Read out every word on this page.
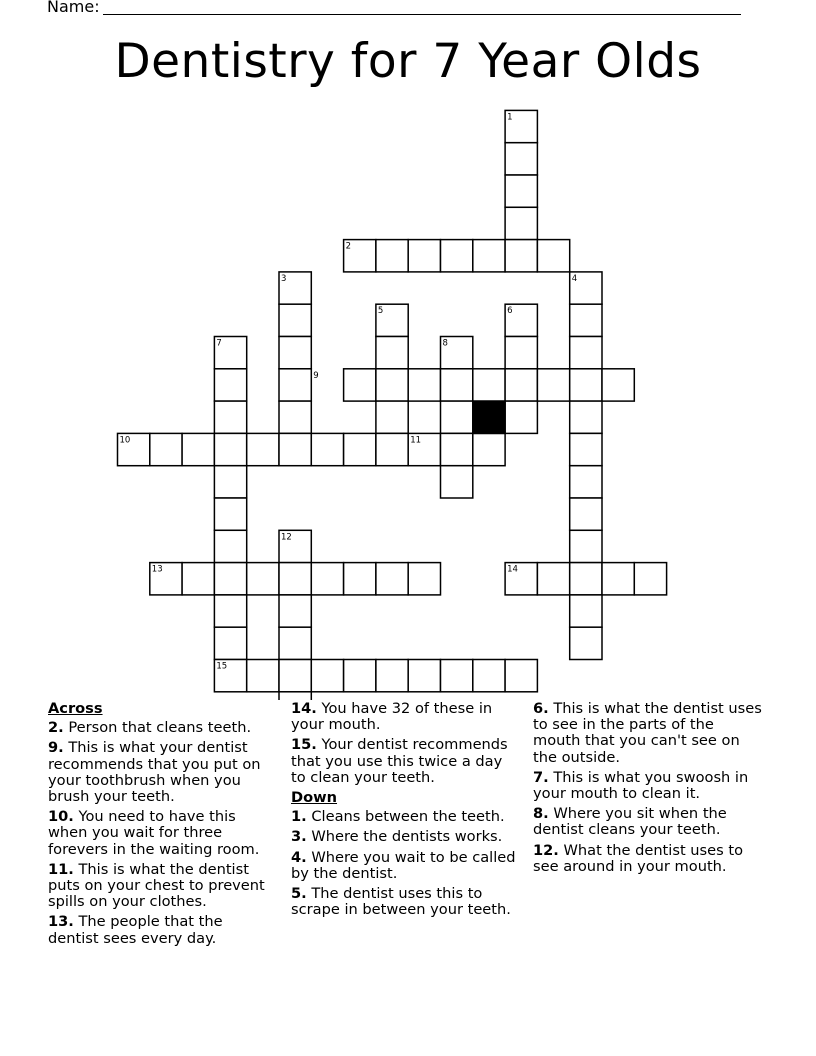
Name:
Dentistry for 7 Year Olds
1
2
3	4
5	6
7	8
9
10	11
12
13	14
15
Across
2. Person that cleans teeth.
9. This is what your dentist recommends that you put on your toothbrush when you brush your teeth.
10. You need to have this when you wait for three forevers in the waiting room.
11. This is what the dentist puts on your chest to prevent spills on your clothes.
13. The people that the dentist sees every day.
14. You have 32 of these in your mouth.
15. Your dentist recommends that you use this twice a day to clean your teeth.
Down
1. Cleans between the teeth.
3. Where the dentists works.
4. Where you wait to be called by the dentist.
5. The dentist uses this to scrape in between your teeth.
6. This is what the dentist uses to see in the parts of the mouth that you can't see on the outside.
7. This is what you swoosh in your mouth to clean it.
8. Where you sit when the dentist cleans your teeth.
12. What the dentist uses to see around in your mouth.
